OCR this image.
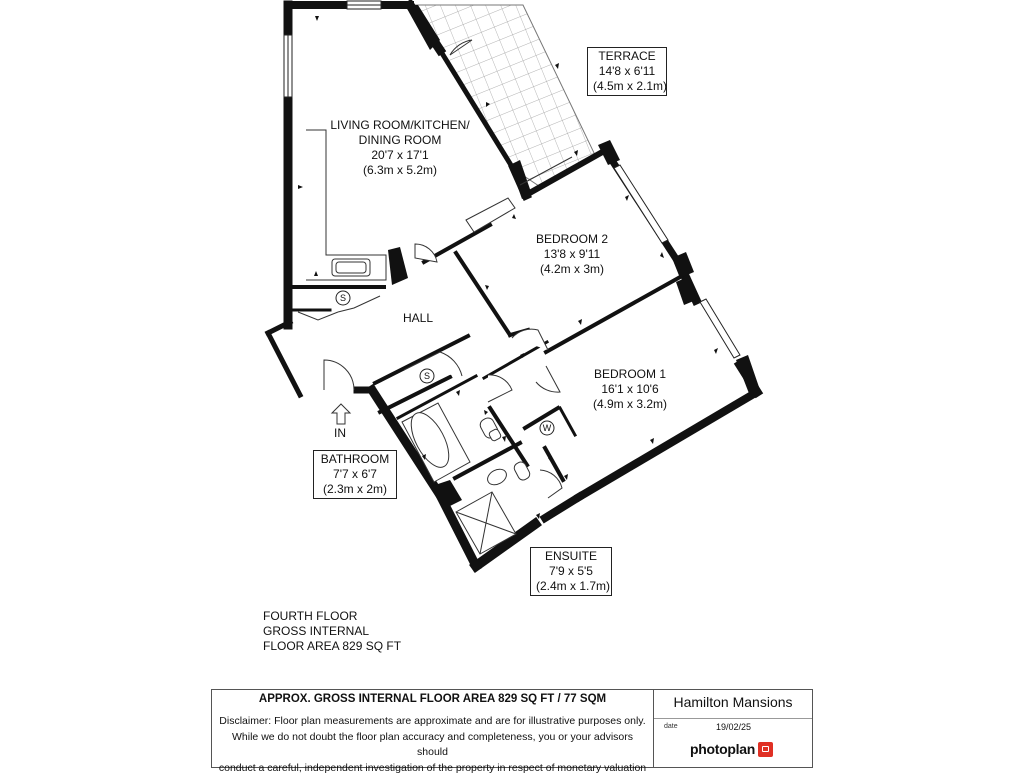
S
S
W
LIVING ROOM/KITCHEN/
DINING ROOM
20'7 x 17'1
(6.3m x 5.2m)
TERRACE
14'8 x 6'11
(4.5m x 2.1m)
BEDROOM 2
13'8 x 9'11
(4.2m x 3m)
BEDROOM 1
16'1 x 10'6
(4.9m x 3.2m)
HALL
BATHROOM
7'7 x 6'7
(2.3m x 2m)
ENSUITE
7'9 x 5'5
(2.4m x 1.7m)
IN
FOURTH FLOOR
GROSS INTERNAL
FLOOR AREA 829 SQ FT
APPROX. GROSS INTERNAL FLOOR AREA 829 SQ FT / 77 SQM
Disclaimer: Floor plan measurements are approximate and are for illustrative purposes only.
While we do not doubt the floor plan accuracy and completeness, you or your advisors should
conduct a careful, independent investigation of the property in respect of monetary valuation
Hamilton Mansions
date	19/02/25
photoplan
